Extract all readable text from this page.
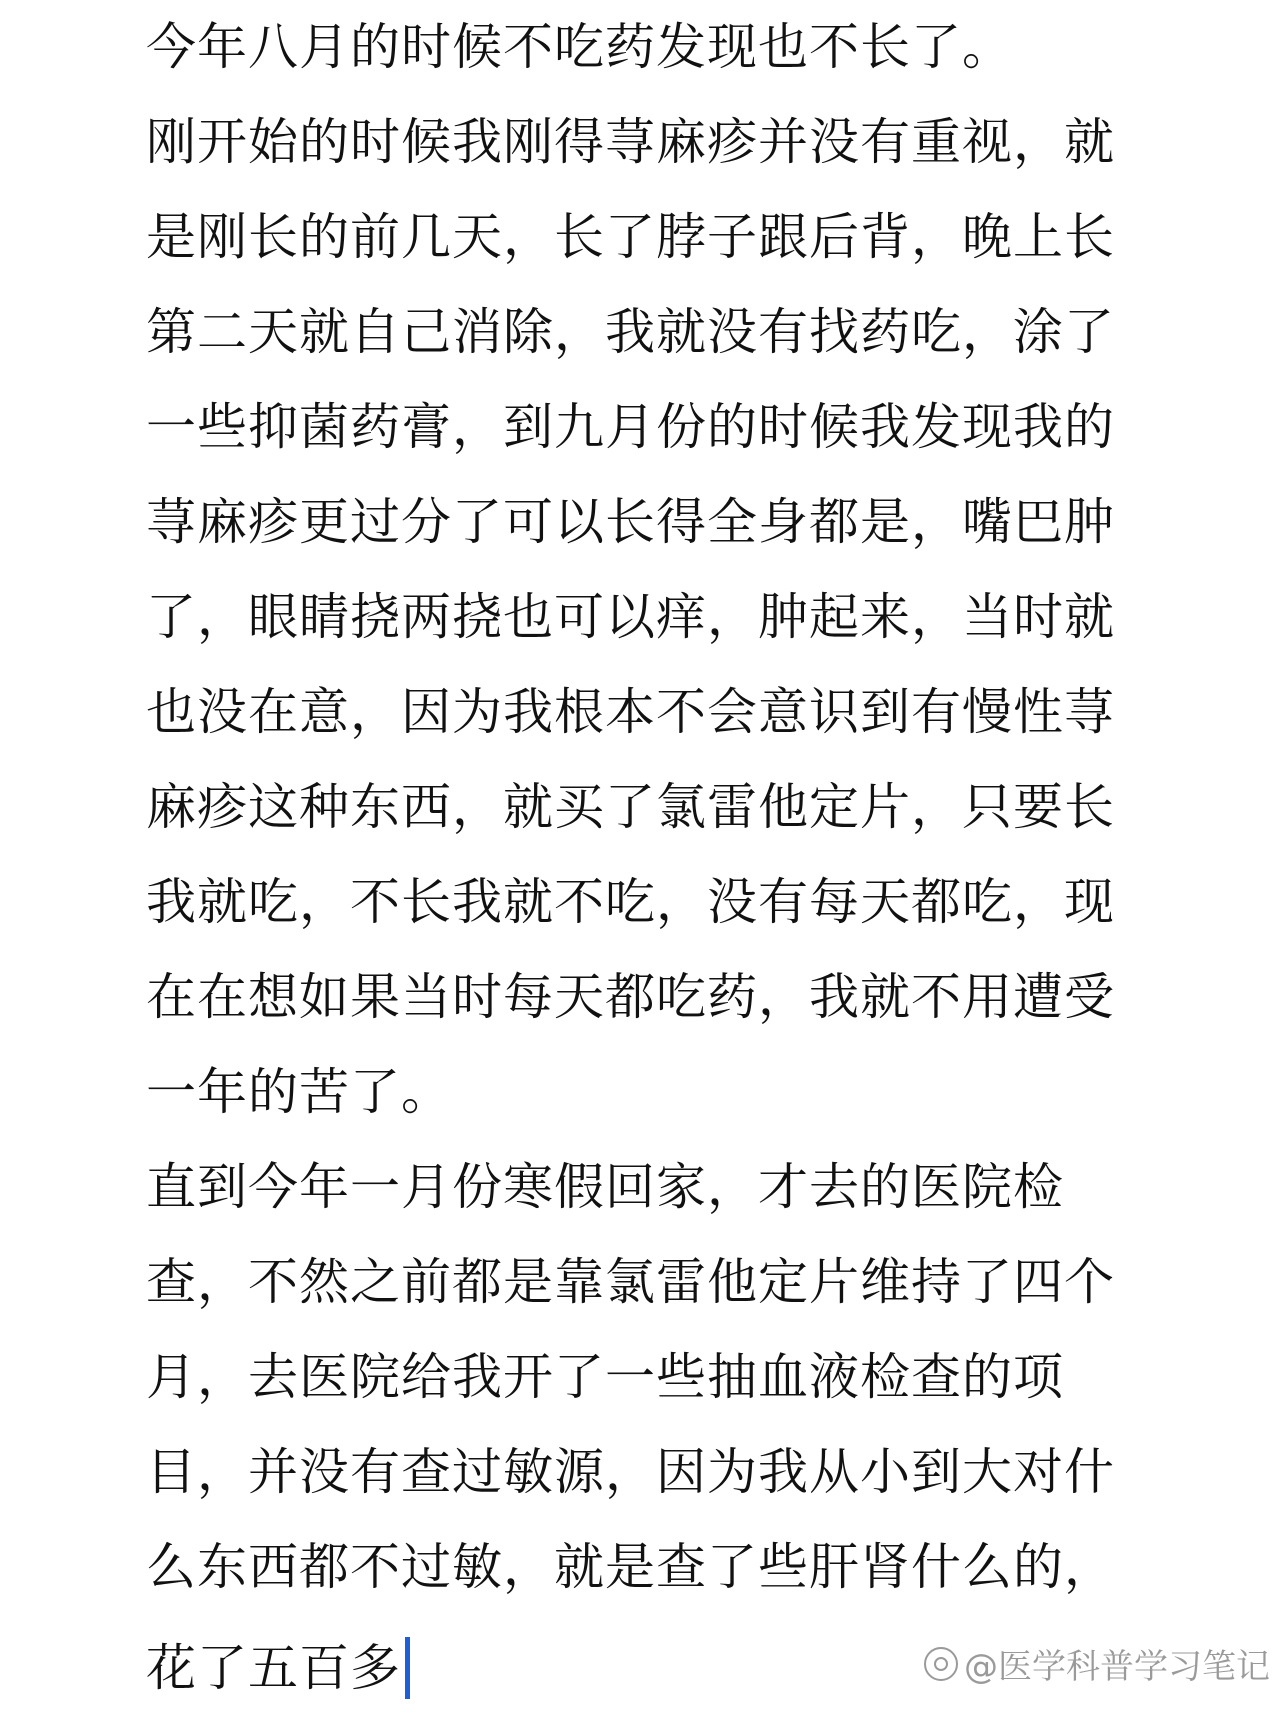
今年八月的时候不吃药发现也不长了。
刚开始的时候我刚得荨麻疹并没有重视，就
是刚长的前几天，长了脖子跟后背，晚上长
第二天就自己消除，我就没有找药吃，涂了
一些抑菌药膏，到九月份的时候我发现我的
荨麻疹更过分了可以长得全身都是，嘴巴肿
了，眼睛挠两挠也可以痒，肿起来，当时就
也没在意，因为我根本不会意识到有慢性荨
麻疹这种东西，就买了氯雷他定片，只要长
我就吃，不长我就不吃，没有每天都吃，现
在在想如果当时每天都吃药，我就不用遭受
一年的苦了。
直到今年一月份寒假回家，才去的医院检
查，不然之前都是靠氯雷他定片维持了四个
月，去医院给我开了一些抽血液检查的项
目，并没有查过敏源，因为我从小到大对什
么东西都不过敏，就是查了些肝肾什么的，
花了五百多	@医学科普学习笔记
